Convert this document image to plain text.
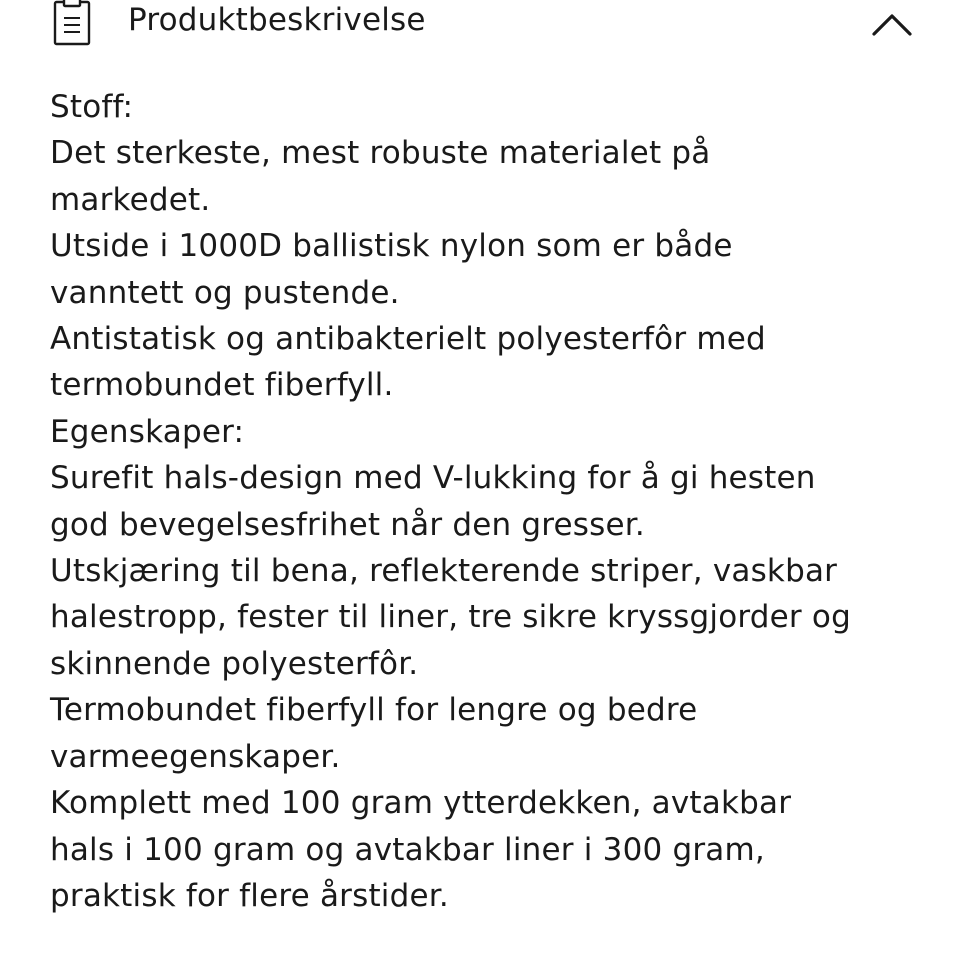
Produktbeskrivelse
Stoff:
Det sterkeste, mest robuste materialet på
markedet.
Utside i 1000D ballistisk nylon som er både
vanntett og pustende.
Antistatisk og antibakterielt polyesterfôr med
termobundet fiberfyll.
Egenskaper:
Surefit hals-design med V-lukking for å gi hesten
god bevegelsesfrihet når den gresser.
Utskjæring til bena, reflekterende striper, vaskbar
halestropp, fester til liner, tre sikre kryssgjorder og
skinnende polyesterfôr.
Termobundet fiberfyll for lengre og bedre
varmeegenskaper.
Komplett med 100 gram ytterdekken, avtakbar
hals i 100 gram og avtakbar liner i 300 gram,
praktisk for flere årstider.
